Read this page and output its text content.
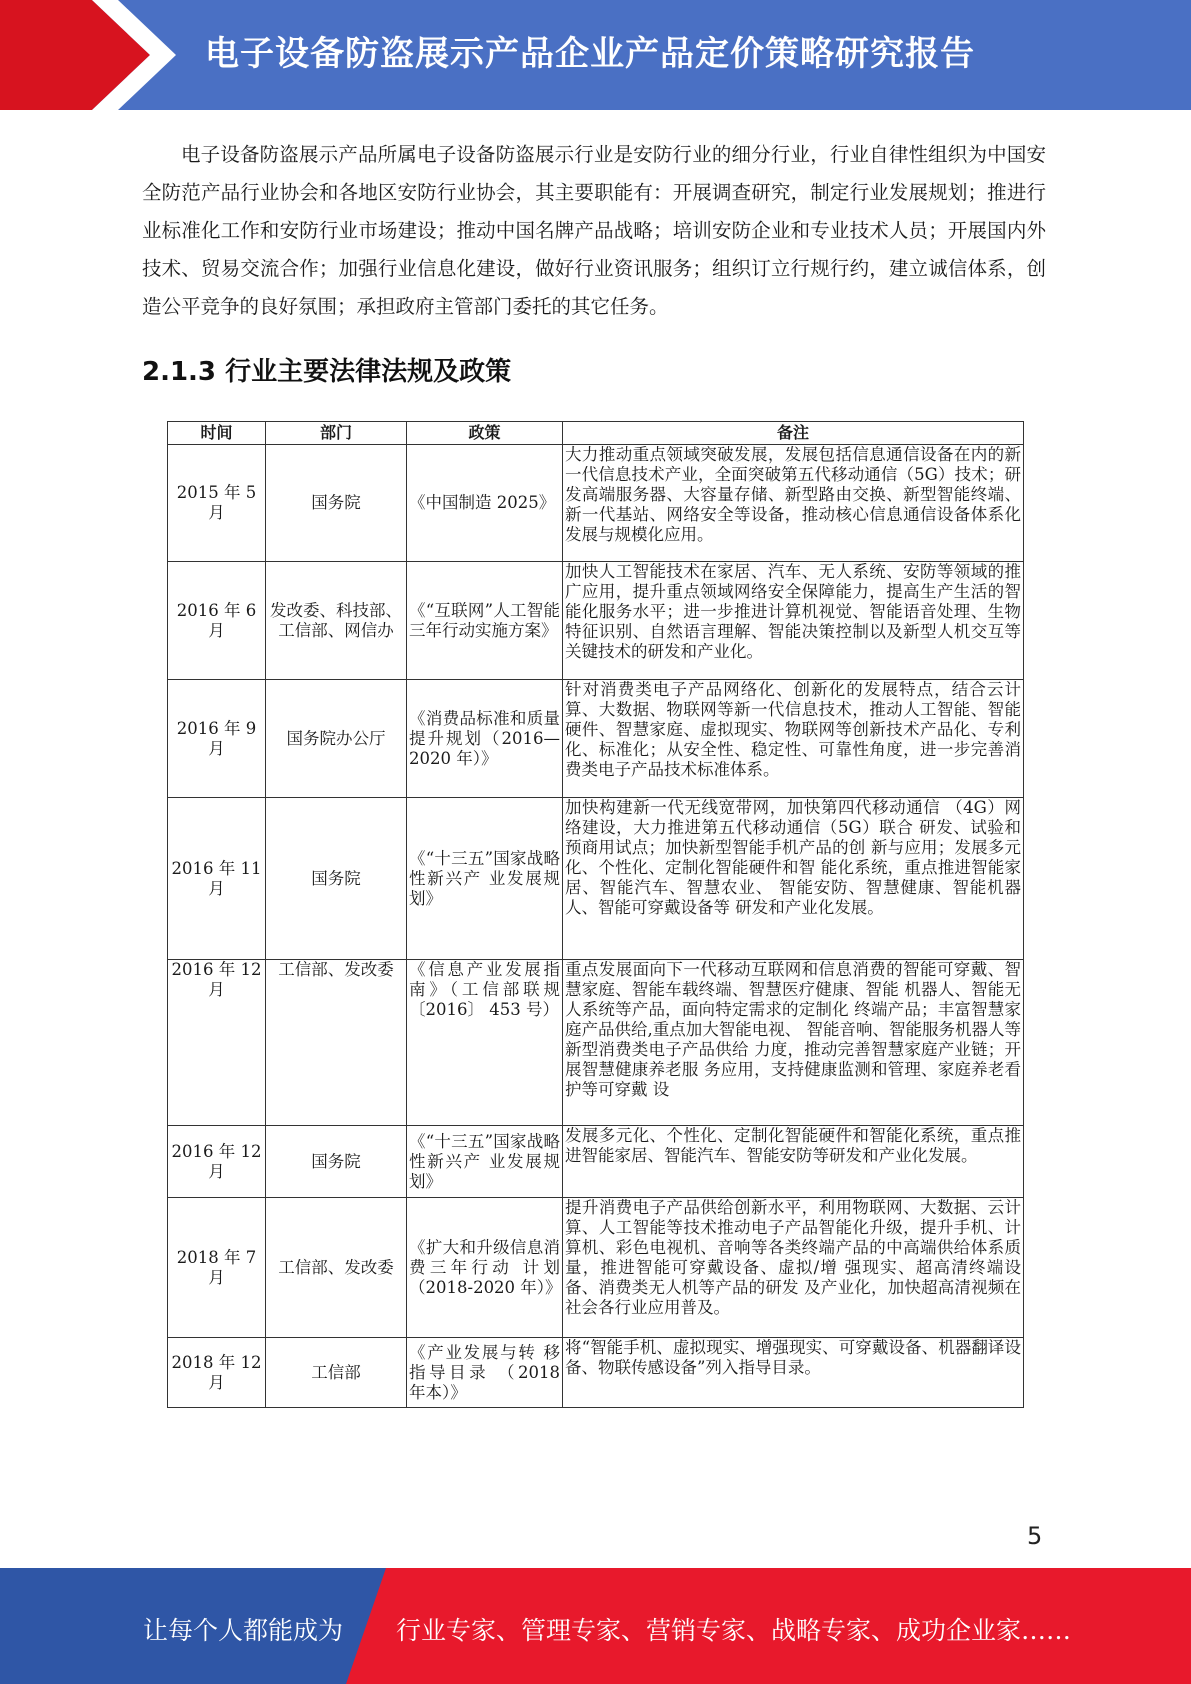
电子设备防盗展示产品企业产品定价策略研究报告

电子设备防盗展示产品所属电子设备防盗展示行业是安防行业的细分行业，行业自律性组织为中国安全防范产品行业协会和各地区安防行业协会，其主要职能有：开展调查研究，制定行业发展规划；推进行业标准化工作和安防行业市场建设；推动中国名牌产品战略；培训安防企业和专业技术人员；开展国内外技术、贸易交流合作；加强行业信息化建设，做好行业资讯服务；组织订立行规行约，建立诚信体系，创造公平竞争的良好氛围；承担政府主管部门委托的其它任务。

2.1.3 行业主要法律法规及政策
时间	部门	政策	备注
2015 年 5 月	国务院	《中国制造 2025》	大力推动重点领域突破发展，发展包括信息通信设备在内的新一代信息技术产业，全面突破第五代移动通信（5G）技术；研发高端服务器、大容量存储、新型路由交换、新型智能终端、新一代基站、网络安全等设备，推动核心信息通信设备体系化发展与规模化应用。
2016 年 6 月	发改委、科技部、工信部、网信办	《“互联网”人工智能三年行动实施方案》	加快人工智能技术在家居、汽车、无人系统、安防等领域的推广应用，提升重点领域网络安全保障能力，提高生产生活的智能化服务水平；进一步推进计算机视觉、智能语音处理、生物特征识别、自然语言理解、智能决策控制以及新型人机交互等关键技术的研发和产业化。
2016 年 9 月	国务院办公厅	《消费品标准和质量提升规划（2016—2020 年）》	针对消费类电子产品网络化、创新化的发展特点，结合云计算、大数据、物联网等新一代信息技术，推动人工智能、智能硬件、智慧家庭、虚拟现实、物联网等创新技术产品化、专利化、标准化；从安全性、稳定性、可靠性角度，进一步完善消费类电子产品技术标准体系。
2016 年 11 月	国务院	《“十三五”国家战略性新兴产 业发展规划》	加快构建新一代无线宽带网，加快第四代移动通信 （4G）网络建设，大力推进第五代移动通信（5G）联合 研发、试验和预商用试点；加快新型智能手机产品的创 新与应用；发展多元化、个性化、定制化智能硬件和智 能化系统，重点推进智能家居、智能汽车、智慧农业、 智能安防、智慧健康、智能机器人、智能可穿戴设备等 研发和产业化发展。
2016 年 12 月	工信部、发改委	《信息产业发展指南》（工信部联规〔2016〕 453 号）	重点发展面向下一代移动互联网和信息消费的智能可穿戴、智慧家庭、智能车载终端、智慧医疗健康、智能 机器人、智能无人系统等产品，面向特定需求的定制化 终端产品；丰富智慧家庭产品供给,重点加大智能电视、 智能音响、智能服务机器人等新型消费类电子产品供给 力度，推动完善智慧家庭产业链；开展智慧健康养老服 务应用，支持健康监测和管理、家庭养老看护等可穿戴 设

2016 年 12 月	国务院	《“十三五”国家战略性新兴产 业发展规划》	发展多元化、个性化、定制化智能硬件和智能化系统，重点推进智能家居、智能汽车、智能安防等研发和产业化发展。
2018 年 7 月	工信部、发改委	《扩大和升级信息消费三年行动 计划（2018-2020 年）》	提升消费电子产品供给创新水平，利用物联网、大数据、云计算、人工智能等技术推动电子产品智能化升级，提升手机、计算机、彩色电视机、音响等各类终端产品的中高端供给体系质量，推进智能可穿戴设备、虚拟/增 强现实、超高清终端设备、消费类无人机等产品的研发 及产业化，加快超高清视频在社会各行业应用普及。
2018 年 12 月	工信部	《产业发展与转 移指导目录 （2018 年本）》	将“智能手机、虚拟现实、增强现实、可穿戴设备、机器翻译设备、物联传感设备”列入指导目录。
5
让每个人都能成为 行业专家、管理专家、营销专家、战略专家、成功企业家……
